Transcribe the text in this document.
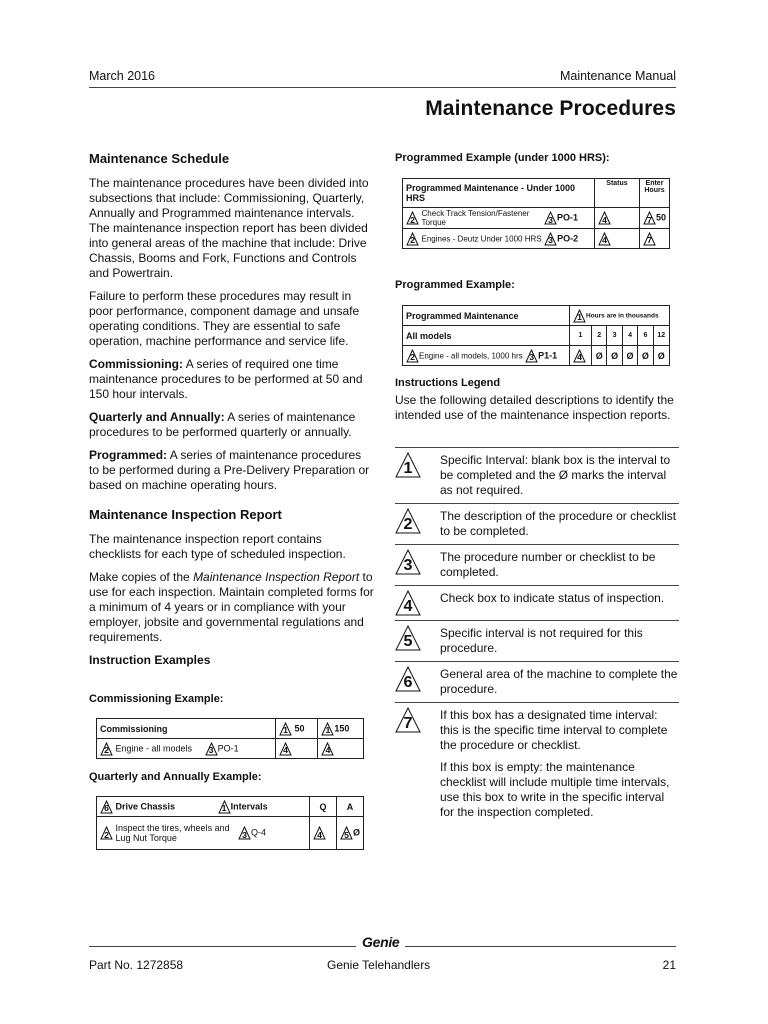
March 2016	Maintenance Manual
Maintenance Procedures
Maintenance Schedule

The maintenance procedures have been divided into subsections that include: Commissioning, Quarterly, Annually and Programmed maintenance intervals. The maintenance inspection report has been divided into general areas of the machine that include: Drive Chassis, Booms and Fork, Functions and Controls and Powertrain.

Failure to perform these procedures may result in poor performance, component damage and unsafe operating conditions. They are essential to safe operation, machine performance and service life.

Commissioning: A series of required one time maintenance procedures to be performed at 50 and 150 hour intervals.

Quarterly and Annually: A series of maintenance procedures to be performed quarterly or annually.

Programmed: A series of maintenance procedures to be performed during a Pre-Delivery Preparation or based on machine operating hours.

Maintenance Inspection Report

The maintenance inspection report contains checklists for each type of scheduled inspection.

Make copies of the Maintenance Inspection Report to use for each inspection. Maintain completed forms for a minimum of 4 years or in compliance with your employer, jobsite and governmental regulations and requirements.

Instruction Examples
Commissioning Example:
Commissioning	1 50	1 150

2 Engine - all models 3 PO-1	4	4
Quarterly and Annually Example:
6 Drive Chassis 1 Intervals	Q	A

2
Inspect the tires, wheels and Lug Nut Torque 3 Q-4	4	5 Ø
Programmed Example (under 1000 HRS):
Programmed Maintenance - Under 1000 HRS	Status	Enter Hours

2
Check Track Tension/Fastener Torque 3 PO-1	4	7 50

2 Engines - Deutz Under 1000 HRS 3 PO-2	4	7
Programmed Example:
Programmed Maintenance	1 Hours are in thousands					
All models	1	2	3	4	6	12

2 Engine - all models, 1000 hrs 3 P1-1	4	Ø	Ø	Ø	Ø	Ø
Instructions Legend
Use the following detailed descriptions to identify the intended use of the maintenance inspection reports.
1	Specific Interval: blank box is the interval to be completed and the Ø marks the interval as not required.
2	The description of the procedure or checklist to be completed.
3	The procedure number or checklist to be completed.
4	Check box to indicate status of inspection.
5	Specific interval is not required for this procedure.
6	General area of the machine to complete the procedure.
7	If this box has a designated time interval: this is the specific time interval to complete the procedure or checklist.
If this box is empty: the maintenance checklist will include multiple time intervals, use this box to write in the specific interval for the inspection completed.
Genie
Part No. 1272858	Genie Telehandlers	21
